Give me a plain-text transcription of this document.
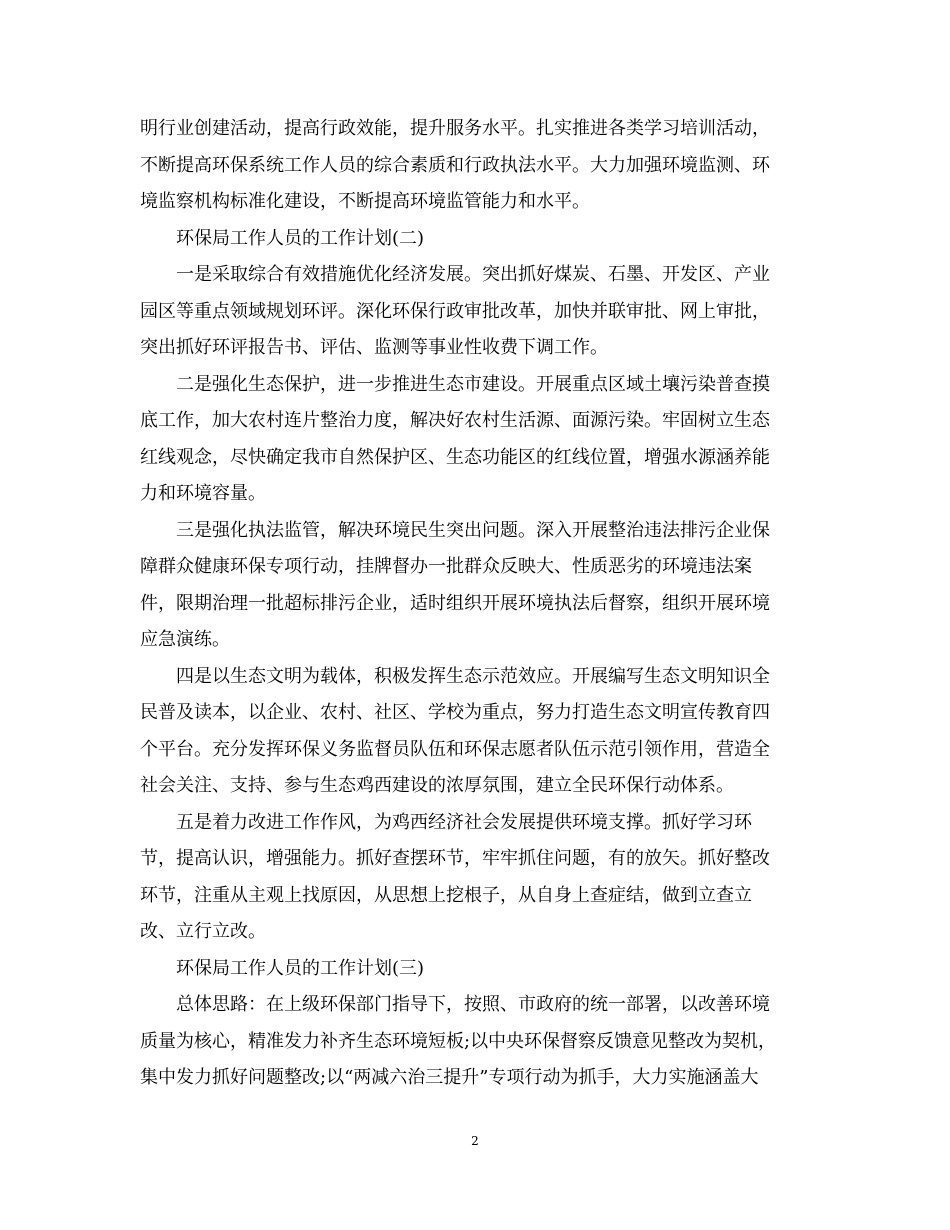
明行业创建活动，提高行政效能，提升服务水平。扎实推进各类学习培训活动，
不断提高环保系统工作人员的综合素质和行政执法水平。大力加强环境监测、环
境监察机构标准化建设，不断提高环境监管能力和水平。

环保局工作人员的工作计划(二)

一是采取综合有效措施优化经济发展。突出抓好煤炭、石墨、开发区、产业
园区等重点领域规划环评。深化环保行政审批改革，加快并联审批、网上审批，
突出抓好环评报告书、评估、监测等事业性收费下调工作。

二是强化生态保护，进一步推进生态市建设。开展重点区域土壤污染普查摸
底工作，加大农村连片整治力度，解决好农村生活源、面源污染。牢固树立生态
红线观念，尽快确定我市自然保护区、生态功能区的红线位置，增强水源涵养能
力和环境容量。

三是强化执法监管，解决环境民生突出问题。深入开展整治违法排污企业保
障群众健康环保专项行动，挂牌督办一批群众反映大、性质恶劣的环境违法案
件，限期治理一批超标排污企业，适时组织开展环境执法后督察，组织开展环境
应急演练。

四是以生态文明为载体，积极发挥生态示范效应。开展编写生态文明知识全
民普及读本，以企业、农村、社区、学校为重点，努力打造生态文明宣传教育四
个平台。充分发挥环保义务监督员队伍和环保志愿者队伍示范引领作用，营造全
社会关注、支持、参与生态鸡西建设的浓厚氛围，建立全民环保行动体系。

五是着力改进工作作风，为鸡西经济社会发展提供环境支撑。抓好学习环
节，提高认识，增强能力。抓好查摆环节，牢牢抓住问题，有的放矢。抓好整改
环节，注重从主观上找原因，从思想上挖根子，从自身上查症结，做到立查立
改、立行立改。

环保局工作人员的工作计划(三)

总体思路：在上级环保部门指导下，按照、市政府的统一部署，以改善环境
质量为核心，精准发力补齐生态环境短板;以中央环保督察反馈意见整改为契机，
集中发力抓好问题整改;以“两减六治三提升”专项行动为抓手，大力实施涵盖大

2
